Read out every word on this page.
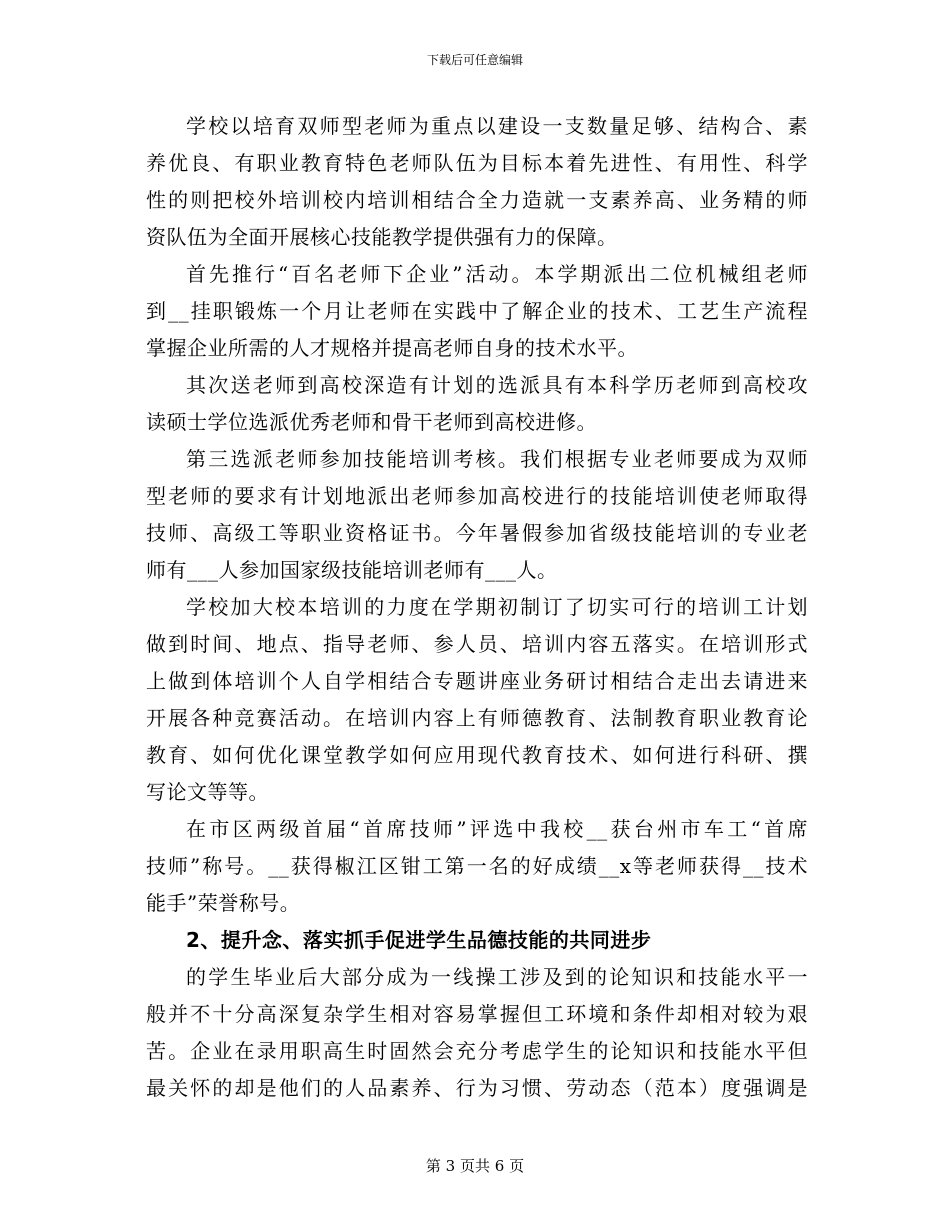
下载后可任意编辑
学校以培育双师型老师为重点以建设一支数量足够、结构合、素
养优良、有职业教育特色老师队伍为目标本着先进性、有用性、科学
性的则把校外培训校内培训相结合全力造就一支素养高、业务精的师
资队伍为全面开展核心技能教学提供强有力的保障。
首先推行“百名老师下企业”活动。本学期派出二位机械组老师
到__挂职锻炼一个月让老师在实践中了解企业的技术、工艺生产流程
掌握企业所需的人才规格并提高老师自身的技术水平。
其次送老师到高校深造有计划的选派具有本科学历老师到高校攻
读硕士学位选派优秀老师和骨干老师到高校进修。
第三选派老师参加技能培训考核。我们根据专业老师要成为双师
型老师的要求有计划地派出老师参加高校进行的技能培训使老师取得
技师、高级工等职业资格证书。今年暑假参加省级技能培训的专业老
师有___人参加国家级技能培训老师有___人。
学校加大校本培训的力度在学期初制订了切实可行的培训工计划
做到时间、地点、指导老师、参人员、培训内容五落实。在培训形式
上做到体培训个人自学相结合专题讲座业务研讨相结合走出去请进来
开展各种竞赛活动。在培训内容上有师德教育、法制教育职业教育论
教育、如何优化课堂教学如何应用现代教育技术、如何进行科研、撰
写论文等等。
在市区两级首届“首席技师”评选中我校__获台州市车工“首席
技师”称号。__获得椒江区钳工第一名的好成绩__x等老师获得__技术
能手”荣誉称号。
2、提升念、落实抓手促进学生品德技能的共同进步
的学生毕业后大部分成为一线操工涉及到的论知识和技能水平一
般并不十分高深复杂学生相对容易掌握但工环境和条件却相对较为艰
苦。企业在录用职高生时固然会充分考虑学生的论知识和技能水平但
最关怀的却是他们的人品素养、行为习惯、劳动态（范本）度强调是
第 3 页共 6 页
